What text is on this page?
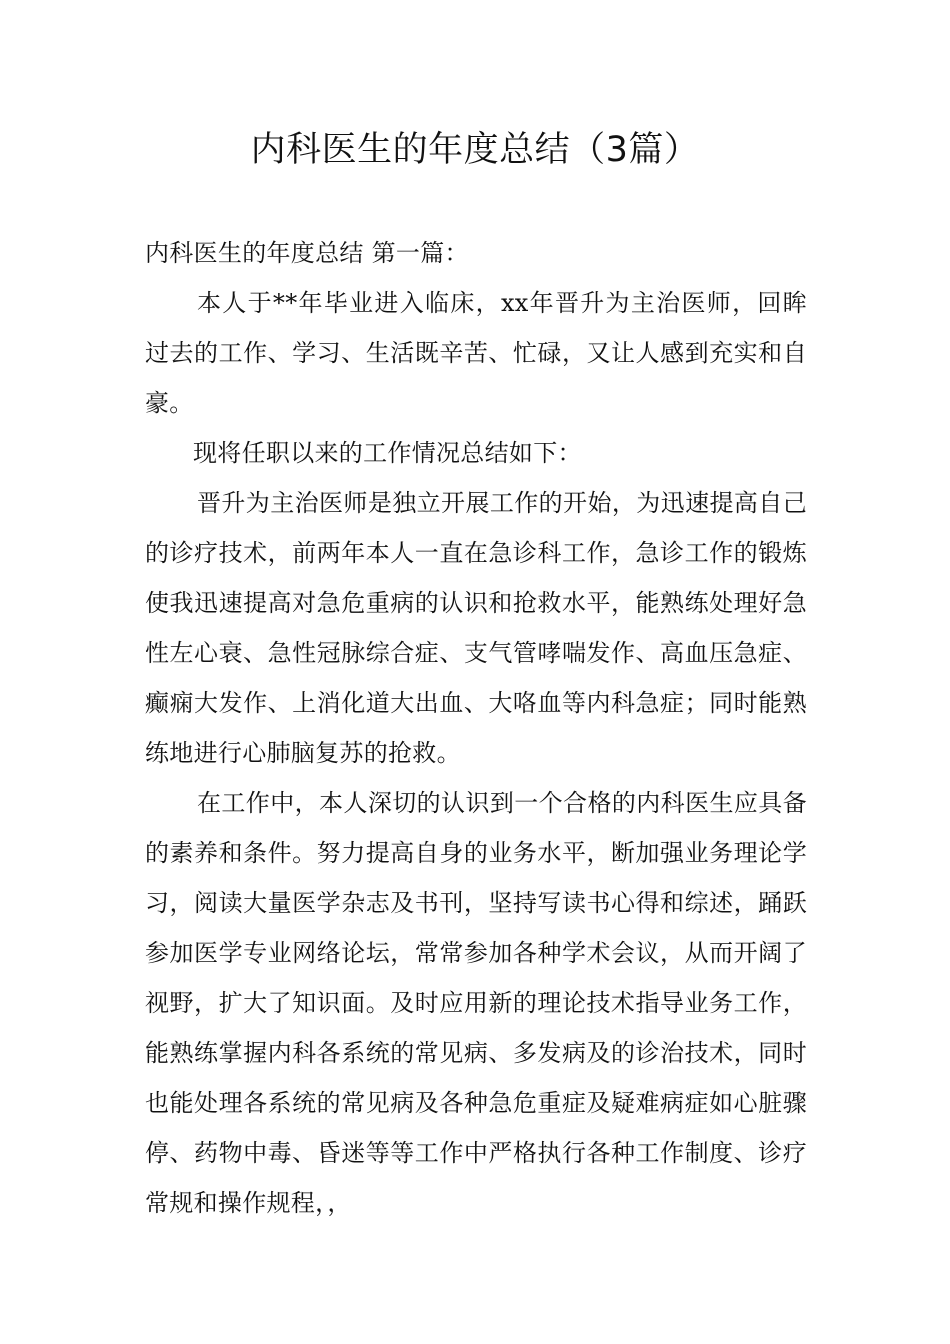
内科医生的年度总结（3篇）

内科医生的年度总结 第一篇：

本人于**年毕业进入临床，xx年晋升为主治医师，回眸过去的工作、学习、生活既辛苦、忙碌，又让人感到充实和自豪。

现将任职以来的工作情况总结如下：

晋升为主治医师是独立开展工作的开始，为迅速提高自己的诊疗技术，前两年本人一直在急诊科工作，急诊工作的锻炼使我迅速提高对急危重病的认识和抢救水平，能熟练处理好急性左心衰、急性冠脉综合症、支气管哮喘发作、高血压急症、癫痫大发作、上消化道大出血、大咯血等内科急症；同时能熟练地进行心肺脑复苏的抢救。

在工作中，本人深切的认识到一个合格的内科医生应具备的素养和条件。努力提高自身的业务水平，断加强业务理论学习，阅读大量医学杂志及书刊，坚持写读书心得和综述，踊跃参加医学专业网络论坛，常常参加各种学术会议，从而开阔了视野，扩大了知识面。及时应用新的理论技术指导业务工作，能熟练掌握内科各系统的常见病、多发病及的诊治技术，同时也能处理各系统的常见病及各种急危重症及疑难病症如心脏骤停、药物中毒、昏迷等等工作中严格执行各种工作制度、诊疗常规和操作规程，，
